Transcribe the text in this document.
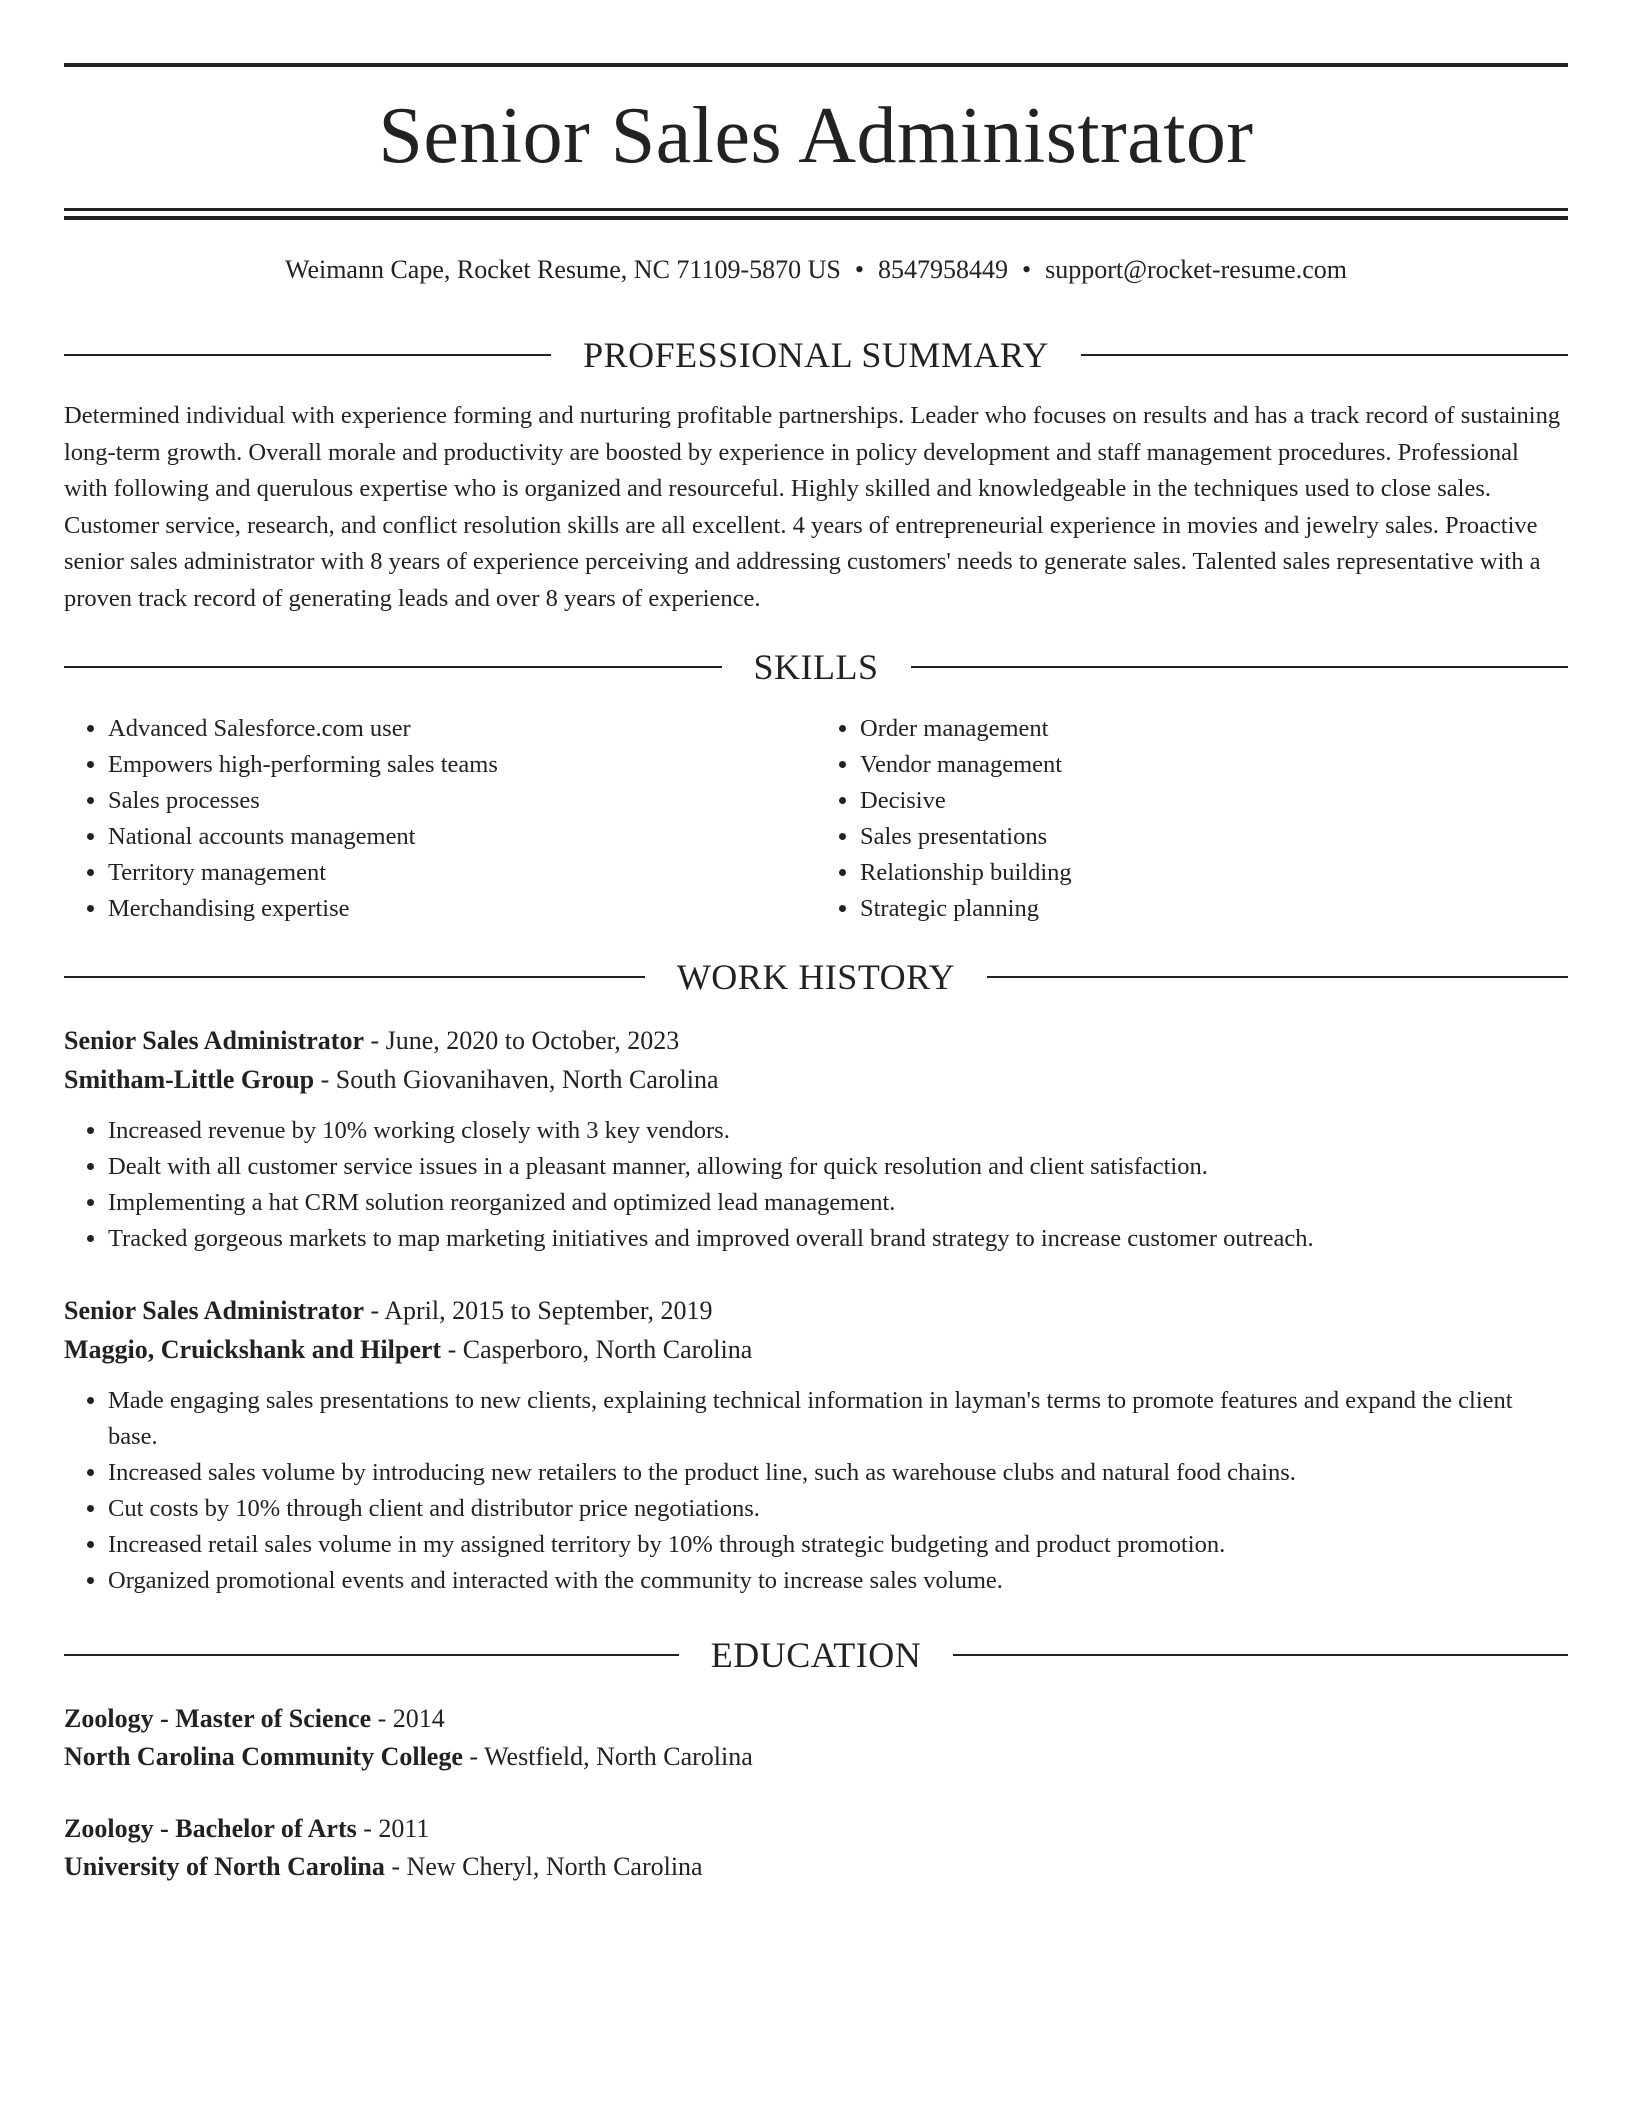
Senior Sales Administrator
Weimann Cape, Rocket Resume, NC 71109-5870 US • 8547958449 • support@rocket-resume.com
PROFESSIONAL SUMMARY

Determined individual with experience forming and nurturing profitable partnerships. Leader who focuses on results and has a track record of sustaining long-term growth. Overall morale and productivity are boosted by experience in policy development and staff management procedures. Professional with following and querulous expertise who is organized and resourceful. Highly skilled and knowledgeable in the techniques used to close sales. Customer service, research, and conflict resolution skills are all excellent. 4 years of entrepreneurial experience in movies and jewelry sales. Proactive senior sales administrator with 8 years of experience perceiving and addressing customers' needs to generate sales. Talented sales representative with a proven track record of generating leads and over 8 years of experience.

SKILLS
• Advanced Salesforce.com user
• Empowers high-performing sales teams
• Sales processes
• National accounts management
• Territory management
• Merchandising expertise
• Order management
• Vendor management
• Decisive
• Sales presentations
• Relationship building
• Strategic planning
WORK HISTORY
Senior Sales Administrator - June, 2020 to October, 2023
Smitham-Little Group - South Giovanihaven, North Carolina
• Increased revenue by 10% working closely with 3 key vendors.
• Dealt with all customer service issues in a pleasant manner, allowing for quick resolution and client satisfaction.
• Implementing a hat CRM solution reorganized and optimized lead management.
• Tracked gorgeous markets to map marketing initiatives and improved overall brand strategy to increase customer outreach.
Senior Sales Administrator - April, 2015 to September, 2019
Maggio, Cruickshank and Hilpert - Casperboro, North Carolina
• Made engaging sales presentations to new clients, explaining technical information in layman's terms to promote features and expand the client base.
• Increased sales volume by introducing new retailers to the product line, such as warehouse clubs and natural food chains.
• Cut costs by 10% through client and distributor price negotiations.
• Increased retail sales volume in my assigned territory by 10% through strategic budgeting and product promotion.
• Organized promotional events and interacted with the community to increase sales volume.
EDUCATION
Zoology - Master of Science - 2014
North Carolina Community College - Westfield, North Carolina
Zoology - Bachelor of Arts - 2011
University of North Carolina - New Cheryl, North Carolina
